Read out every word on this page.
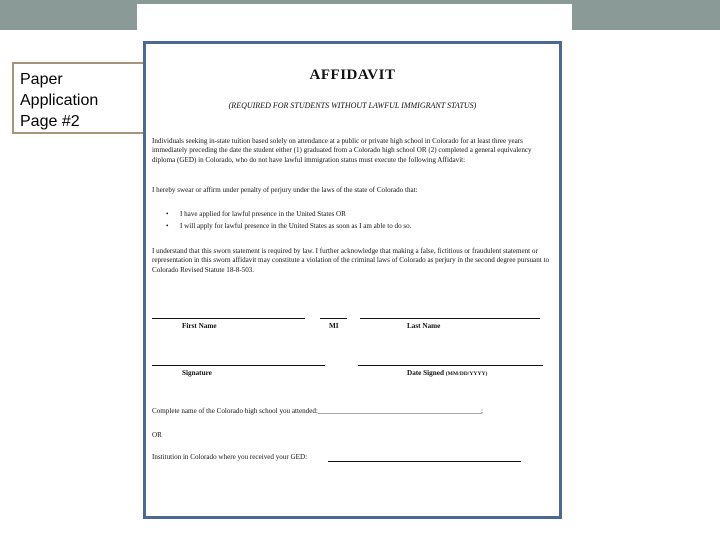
Paper
Application
Page #2
AFFIDAVIT
(REQUIRED FOR STUDENTS WITHOUT LAWFUL IMMIGRANT STATUS)
Individuals seeking in-state tuition based solely on attendance at a public or private high school in Colorado for at least three years immediately preceding the date the student either (1) graduated from a Colorado high school OR (2) completed a general equivalency diploma (GED) in Colorado, who do not have lawful immigration status must execute the following Affidavit:
I hereby swear or affirm under penalty of perjury under the laws of the state of Colorado that:
• I have applied for lawful presence in the United States OR
• I will apply for lawful presence in the United States as soon as I am able to do so.
I understand that this sworn statement is required by law. I further acknowledge that making a false, fictitious or fraudulent statement or representation in this sworn affidavit may constitute a violation of the criminal laws of Colorado as perjury in the second degree pursuant to Colorado Revised Statute 18-8-503.
First Name	MI	Last Name
Signature	Date Signed (MM/DD/YYYY)
Complete name of the Colorado high school you attended:______________________________________________;
OR
Institution in Colorado where you received your GED:
